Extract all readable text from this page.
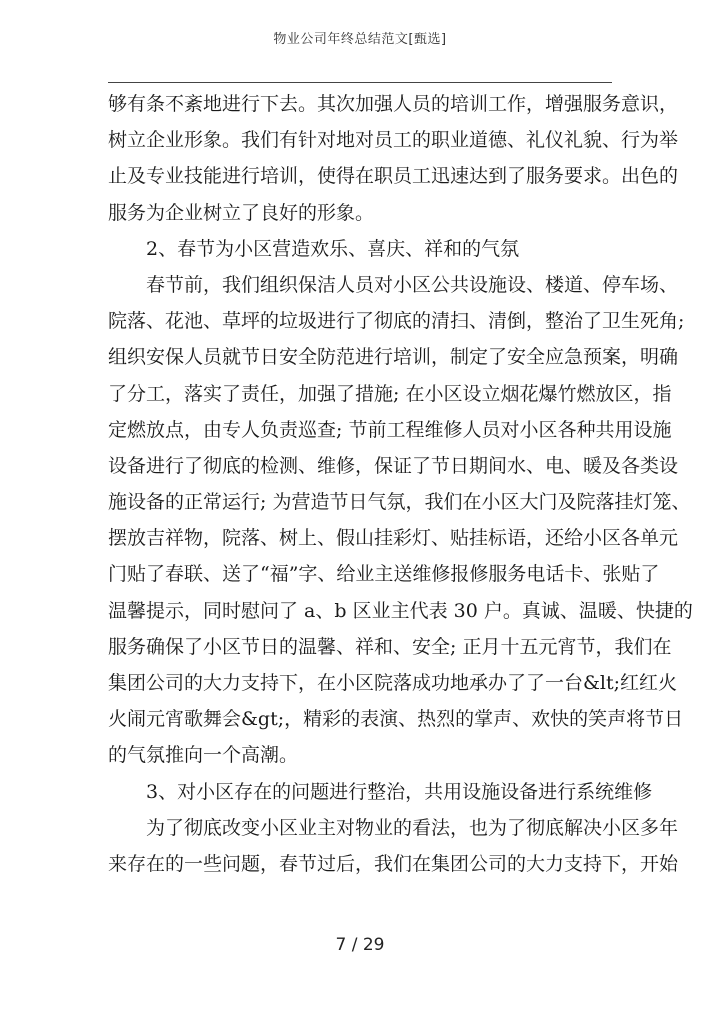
物业公司年终总结范文[甄选]
够有条不紊地进行下去。其次加强人员的培训工作，增强服务意识，
树立企业形象。我们有针对地对员工的职业道德、礼仪礼貌、行为举
止及专业技能进行培训，使得在职员工迅速达到了服务要求。出色的
服务为企业树立了良好的形象。
2、春节为小区营造欢乐、喜庆、祥和的气氛
春节前，我们组织保洁人员对小区公共设施设、楼道、停车场、
院落、花池、草坪的垃圾进行了彻底的清扫、清倒，整治了卫生死角;
组织安保人员就节日安全防范进行培训，制定了安全应急预案，明确
了分工，落实了责任，加强了措施; 在小区设立烟花爆竹燃放区，指
定燃放点，由专人负责巡查; 节前工程维修人员对小区各种共用设施
设备进行了彻底的检测、维修，保证了节日期间水、电、暖及各类设
施设备的正常运行; 为营造节日气氛，我们在小区大门及院落挂灯笼、
摆放吉祥物，院落、树上、假山挂彩灯、贴挂标语，还给小区各单元
门贴了春联、送了“福”字、给业主送维修报修服务电话卡、张贴了
温馨提示，同时慰问了 a、b 区业主代表 30 户。真诚、温暖、快捷的
服务确保了小区节日的温馨、祥和、安全; 正月十五元宵节，我们在
集团公司的大力支持下，在小区院落成功地承办了了一台&lt;红红火
火闹元宵歌舞会&gt;，精彩的表演、热烈的掌声、欢快的笑声将节日
的气氛推向一个高潮。
3、对小区存在的问题进行整治，共用设施设备进行系统维修
为了彻底改变小区业主对物业的看法，也为了彻底解决小区多年
来存在的一些问题，春节过后，我们在集团公司的大力支持下，开始
7 / 29
